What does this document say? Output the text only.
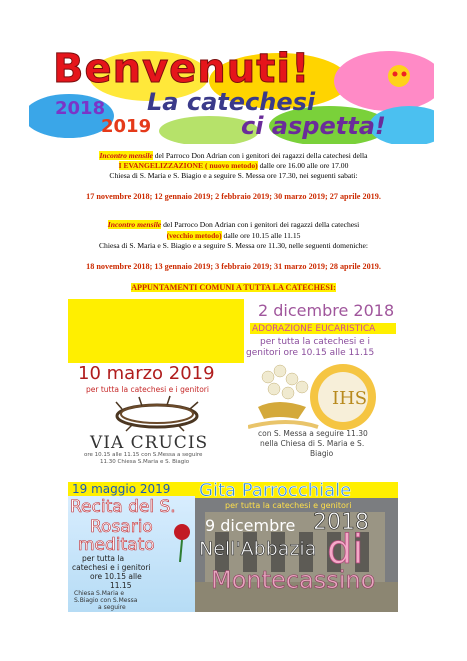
Benvenuti!
2018
2019
La catechesi
ci aspetta!
Incontro mensile del Parroco Don Adrian con i genitori dei ragazzi della catechesi della
I EVANGELIZZAZIONE ( nuovo metodo) dalle ore 16.00 alle ore 17.00
Chiesa di S. Maria e S. Biagio e a seguire S. Messa ore 17.30, nei seguenti sabati:
17 novembre 2018; 12 gennaio 2019; 2 febbraio 2019; 30 marzo 2019; 27 aprile 2019.
Incontro mensile del Parroco Don Adrian con i genitori dei ragazzi della catechesi
(vecchio metodo) dalle ore 10.15 alle 11.15
Chiesa di S. Maria e S. Biagio e a seguire S. Messa ore 11.30, nelle seguenti domeniche:
18 novembre 2018; 13 gennaio 2019; 3 febbraio 2019; 31 marzo 2019; 28 aprile 2019.
APPUNTAMENTI COMUNI A TUTTA LA CATECHESI:
10 marzo 2019
per tutta la catechesi e i genitori
VIA CRUCIS
ore 10.15 alle 11.15 con S.Messa a seguire
11.30 Chiesa S.Maria e S. Biagio
2 dicembre 2018
ADORAZIONE EUCARISTICA
per tutta la catechesi e i
genitori ore 10.15 alle 11.15
IHS
con S. Messa a seguire 11.30
nella Chiesa di S. Maria e S.
Biagio
19 maggio 2019
Recita del S.
Rosario
meditato
per tutta la
catechesi e i genitori
ore 10.15 alle
11.15
Chiesa S.Maria e
S.Biagio con S.Messa
a seguire
Gita Parrocchiale
per tutta la catechesi e genitori
9 dicembre 2018
Nell'Abbazia di
Montecassino
